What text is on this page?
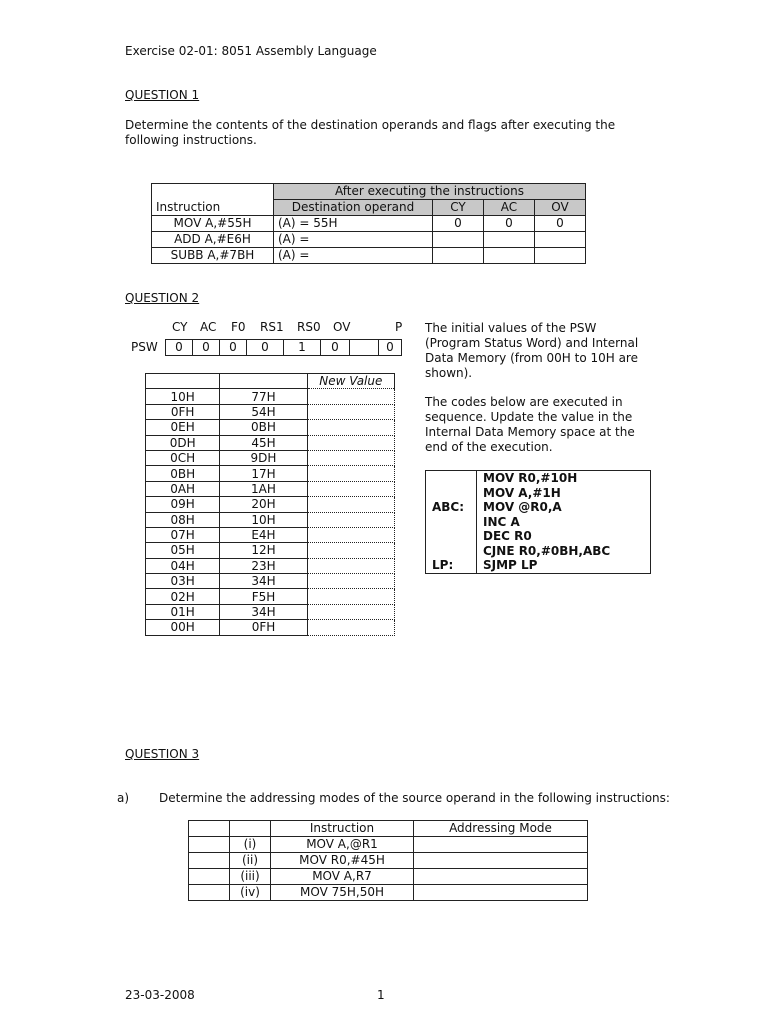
Exercise 02-01: 8051 Assembly Language
QUESTION 1
Determine the contents of the destination operands and flags after executing the following instructions.
	After executing the instructions			
Instruction	Destination operand	CY	AC	OV
MOV A,#55H	(A) = 55H	0	0	0
ADD A,#E6H	(A) =			
SUBB A,#7BH	(A) =			
QUESTION 2
CY AC F0 RS1 RS0 OV	P
PSW 0	0	0	0	1	0		0
		New Value
10H	77H	
0FH	54H	
0EH	0BH	
0DH	45H	
0CH	9DH	
0BH	17H	
0AH	1AH	
09H	20H	
08H	10H	
07H	E4H	
05H	12H	
04H	23H	
03H	34H	
02H	F5H	
01H	34H	
00H	0FH	
The initial values of the PSW (Program Status Word) and Internal Data Memory (from 00H to 10H are shown).
The codes below are executed in sequence. Update the value in the Internal Data Memory space at the end of the execution.
	MOV R0,#10H
	MOV A,#1H
ABC:	MOV @R0,A
	INC A
	DEC R0
	CJNE R0,#0BH,ABC
LP:	SJMP LP
QUESTION 3
a) Determine the addressing modes of the source operand in the following instructions:
		Instruction	Addressing Mode
	(i)	MOV A,@R1	
	(ii)	MOV R0,#45H	
	(iii)	MOV A,R7	
	(iv)	MOV 75H,50H	
23-03-2008	1
